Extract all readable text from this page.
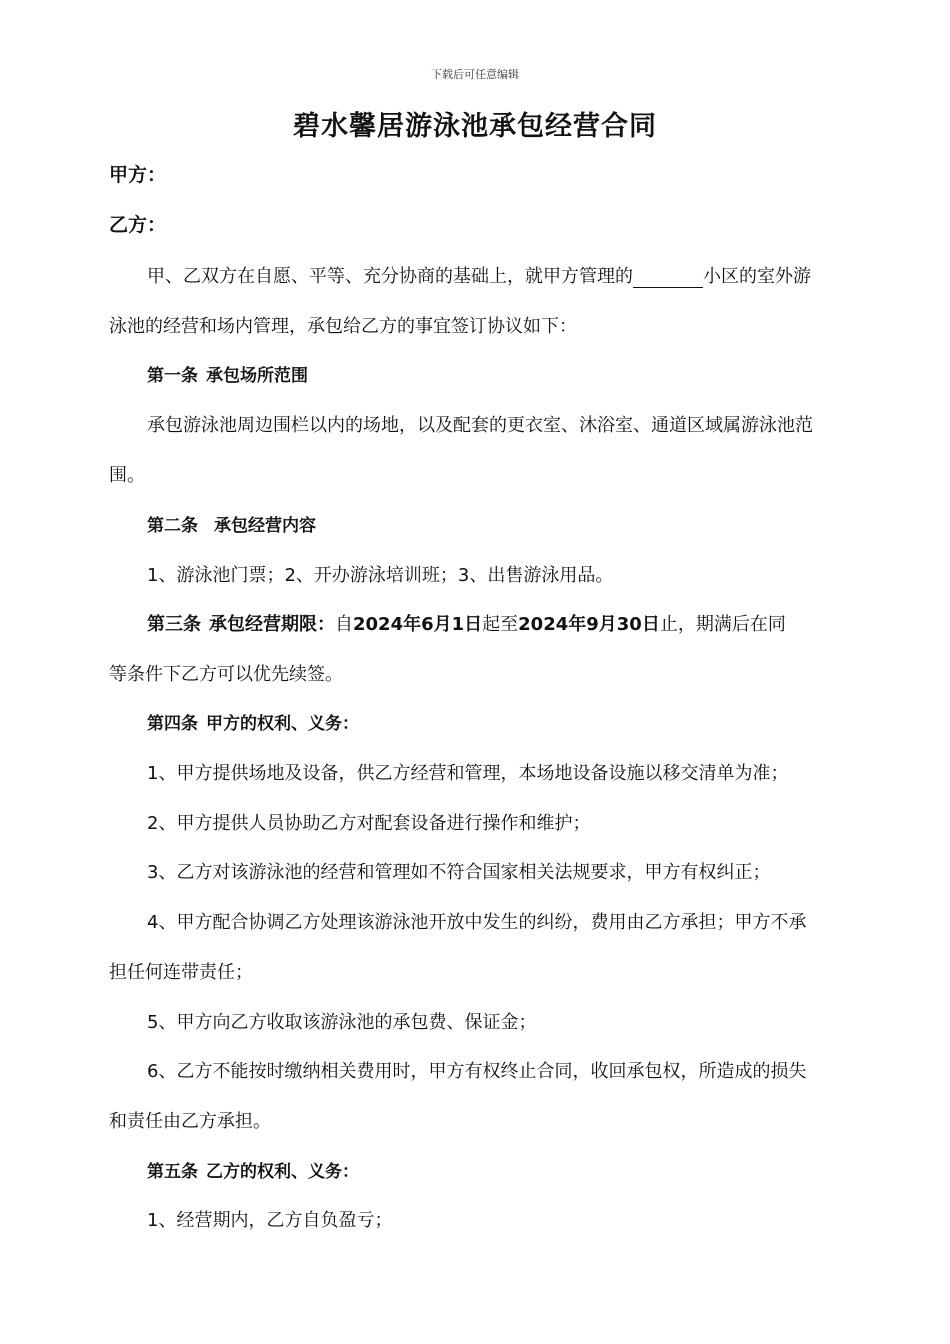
下载后可任意编辑
碧水馨居游泳池承包经营合同
甲方：
乙方：
甲、乙双方在自愿、平等、充分协商的基础上，就甲方管理的	小区的室外游
泳池的经营和场内管理，承包给乙方的事宜签订协议如下：
第一条 承包场所范围
承包游泳池周边围栏以内的场地，以及配套的更衣室、沐浴室、通道区域属游泳池范
围。
第二条 承包经营内容
1、游泳池门票；2、开办游泳培训班；3、出售游泳用品。
第三条 承包经营期限：自2024年6月1日起至2024年9月30日止，期满后在同
等条件下乙方可以优先续签。
第四条 甲方的权利、义务：
1、甲方提供场地及设备，供乙方经营和管理，本场地设备设施以移交清单为准；
2、甲方提供人员协助乙方对配套设备进行操作和维护；
3、乙方对该游泳池的经营和管理如不符合国家相关法规要求，甲方有权纠正；
4、甲方配合协调乙方处理该游泳池开放中发生的纠纷，费用由乙方承担；甲方不承
担任何连带责任；
5、甲方向乙方收取该游泳池的承包费、保证金；
6、乙方不能按时缴纳相关费用时，甲方有权终止合同，收回承包权，所造成的损失
和责任由乙方承担。
第五条 乙方的权利、义务：
1、经营期内，乙方自负盈亏；
